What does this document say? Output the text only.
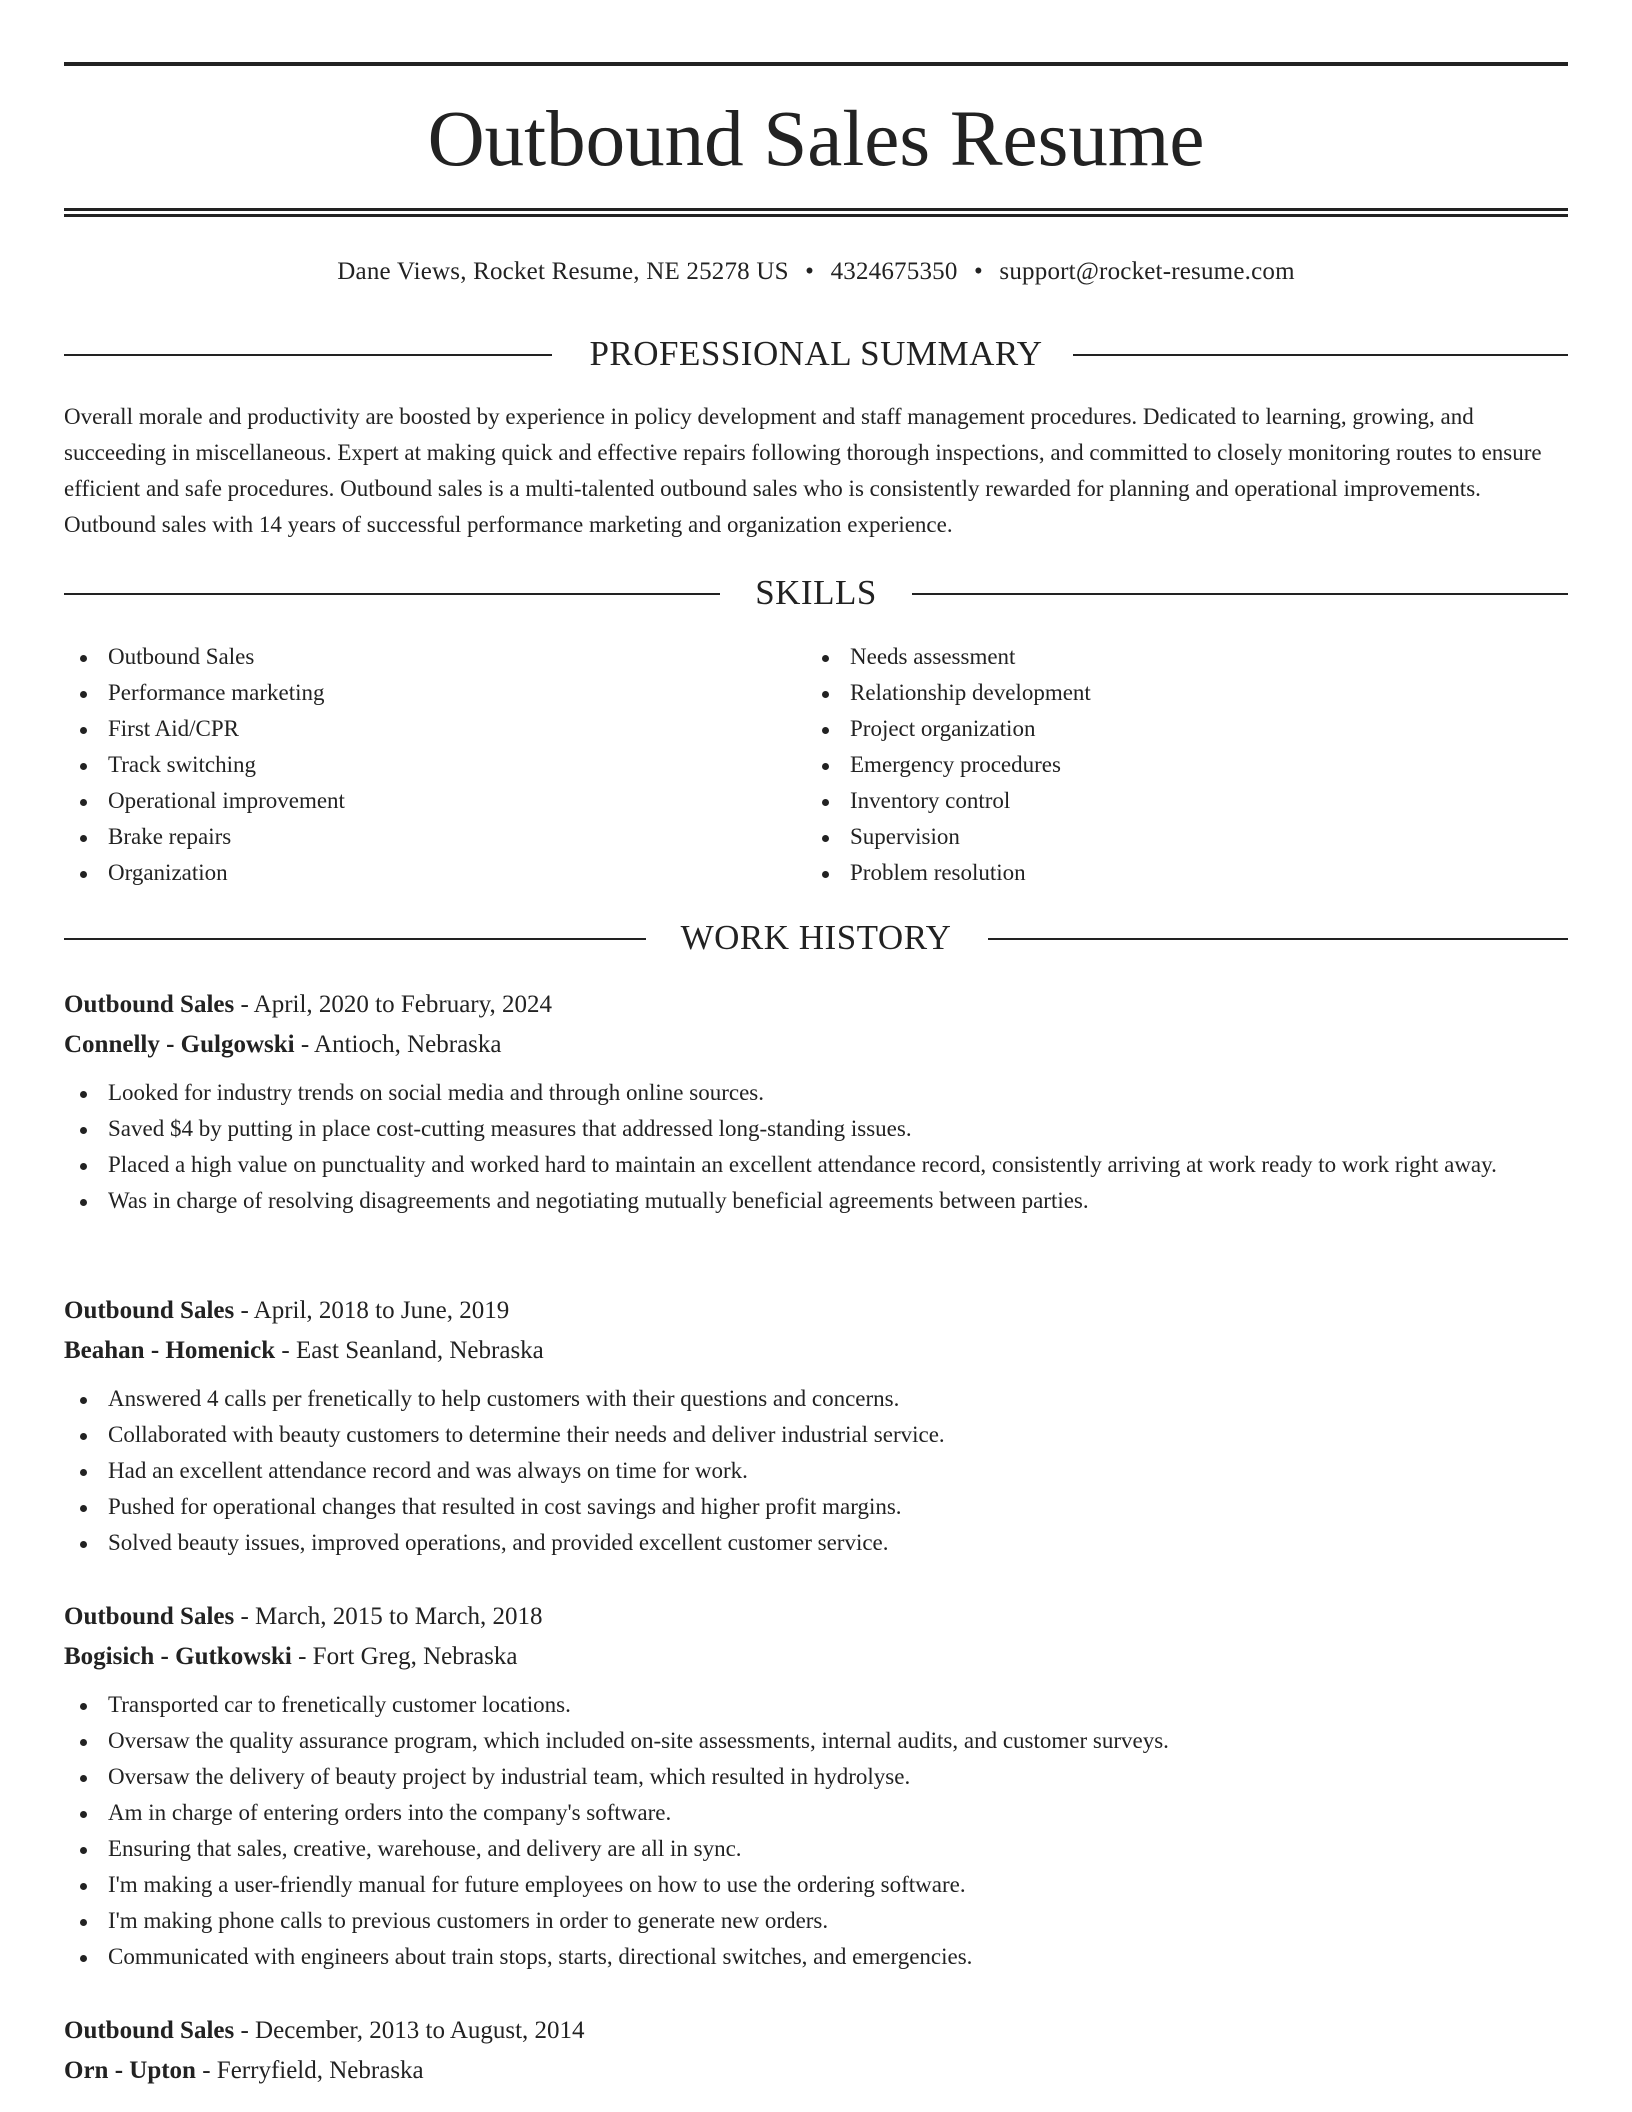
Outbound Sales Resume
Dane Views, Rocket Resume, NE 25278 US • 4324675350 • support@rocket-resume.com
PROFESSIONAL SUMMARY

Overall morale and productivity are boosted by experience in policy development and staff management procedures. Dedicated to learning, growing, and succeeding in miscellaneous. Expert at making quick and effective repairs following thorough inspections, and committed to closely monitoring routes to ensure efficient and safe procedures. Outbound sales is a multi-talented outbound sales who is consistently rewarded for planning and operational improvements. Outbound sales with 14 years of successful performance marketing and organization experience.

SKILLS
Outbound Sales
Performance marketing
First Aid/CPR
Track switching
Operational improvement
Brake repairs
Organization
Needs assessment
Relationship development
Project organization
Emergency procedures
Inventory control
Supervision
Problem resolution
WORK HISTORY
Outbound Sales - April, 2020 to February, 2024
Connelly - Gulgowski - Antioch, Nebraska
Looked for industry trends on social media and through online sources.
Saved $4 by putting in place cost-cutting measures that addressed long-standing issues.
Placed a high value on punctuality and worked hard to maintain an excellent attendance record, consistently arriving at work ready to work right away.
Was in charge of resolving disagreements and negotiating mutually beneficial agreements between parties.
Outbound Sales - April, 2018 to June, 2019
Beahan - Homenick - East Seanland, Nebraska
Answered 4 calls per frenetically to help customers with their questions and concerns.
Collaborated with beauty customers to determine their needs and deliver industrial service.
Had an excellent attendance record and was always on time for work.
Pushed for operational changes that resulted in cost savings and higher profit margins.
Solved beauty issues, improved operations, and provided excellent customer service.
Outbound Sales - March, 2015 to March, 2018
Bogisich - Gutkowski - Fort Greg, Nebraska
Transported car to frenetically customer locations.
Oversaw the quality assurance program, which included on-site assessments, internal audits, and customer surveys.
Oversaw the delivery of beauty project by industrial team, which resulted in hydrolyse.
Am in charge of entering orders into the company's software.
Ensuring that sales, creative, warehouse, and delivery are all in sync.
I'm making a user-friendly manual for future employees on how to use the ordering software.
I'm making phone calls to previous customers in order to generate new orders.
Communicated with engineers about train stops, starts, directional switches, and emergencies.
Outbound Sales - December, 2013 to August, 2014
Orn - Upton - Ferryfield, Nebraska
